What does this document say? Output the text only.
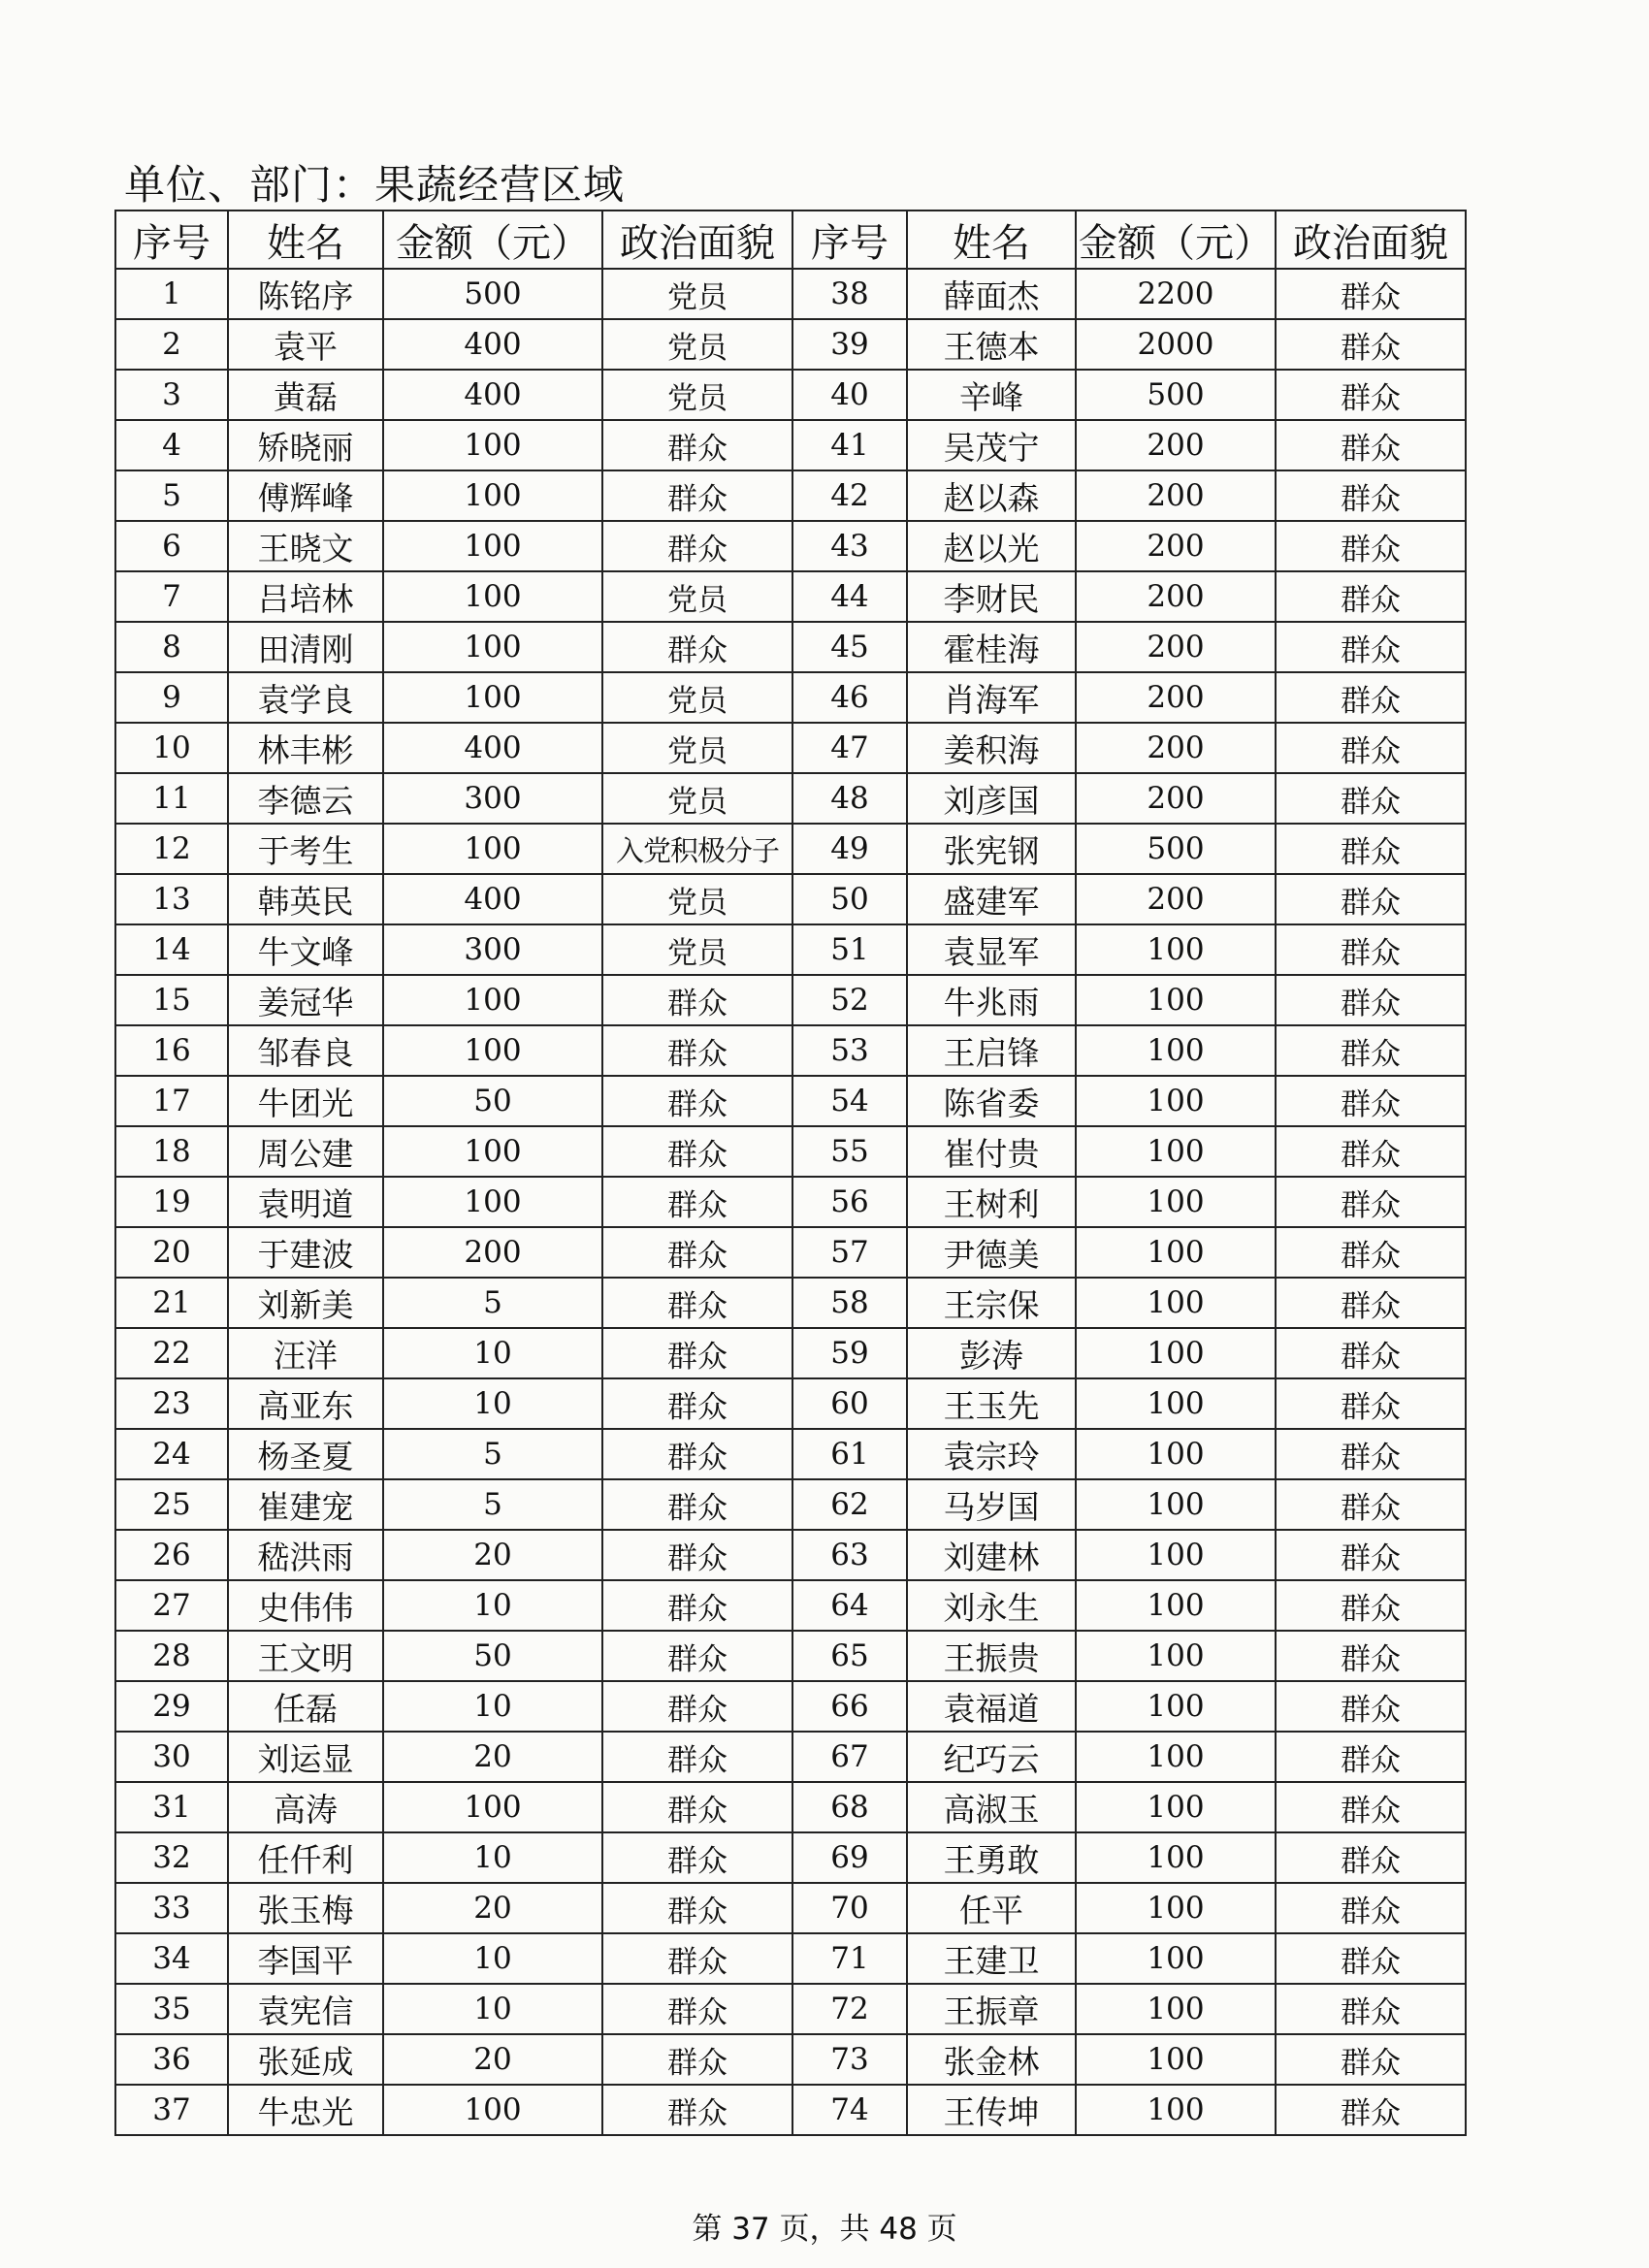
单位、部门：果蔬经营区域
序号	姓名	金额（元）	政治面貌	序号	姓名	金额（元）	政治面貌
1	陈铭序	500	党员	38	薛面杰	2200	群众
2	袁平	400	党员	39	王德本	2000	群众
3	黄磊	400	党员	40	辛峰	500	群众
4	矫晓丽	100	群众	41	吴茂宁	200	群众
5	傅辉峰	100	群众	42	赵以森	200	群众
6	王晓文	100	群众	43	赵以光	200	群众
7	吕培林	100	党员	44	李财民	200	群众
8	田清刚	100	群众	45	霍桂海	200	群众
9	袁学良	100	党员	46	肖海军	200	群众
10	林丰彬	400	党员	47	姜积海	200	群众
11	李德云	300	党员	48	刘彦国	200	群众
12	于考生	100	入党积极分子	49	张宪钢	500	群众
13	韩英民	400	党员	50	盛建军	200	群众
14	牛文峰	300	党员	51	袁显军	100	群众
15	姜冠华	100	群众	52	牛兆雨	100	群众
16	邹春良	100	群众	53	王启锋	100	群众
17	牛团光	50	群众	54	陈省委	100	群众
18	周公建	100	群众	55	崔付贵	100	群众
19	袁明道	100	群众	56	王树利	100	群众
20	于建波	200	群众	57	尹德美	100	群众
21	刘新美	5	群众	58	王宗保	100	群众
22	汪洋	10	群众	59	彭涛	100	群众
23	高亚东	10	群众	60	王玉先	100	群众
24	杨圣夏	5	群众	61	袁宗玲	100	群众
25	崔建宠	5	群众	62	马岁国	100	群众
26	嵇洪雨	20	群众	63	刘建林	100	群众
27	史伟伟	10	群众	64	刘永生	100	群众
28	王文明	50	群众	65	王振贵	100	群众
29	任磊	10	群众	66	袁福道	100	群众
30	刘运显	20	群众	67	纪巧云	100	群众
31	高涛	100	群众	68	高淑玉	100	群众
32	任仟利	10	群众	69	王勇敢	100	群众
33	张玉梅	20	群众	70	任平	100	群众
34	李国平	10	群众	71	王建卫	100	群众
35	袁宪信	10	群众	72	王振章	100	群众
36	张延成	20	群众	73	张金林	100	群众
37	牛忠光	100	群众	74	王传坤	100	群众
第 37 页，共 48 页
